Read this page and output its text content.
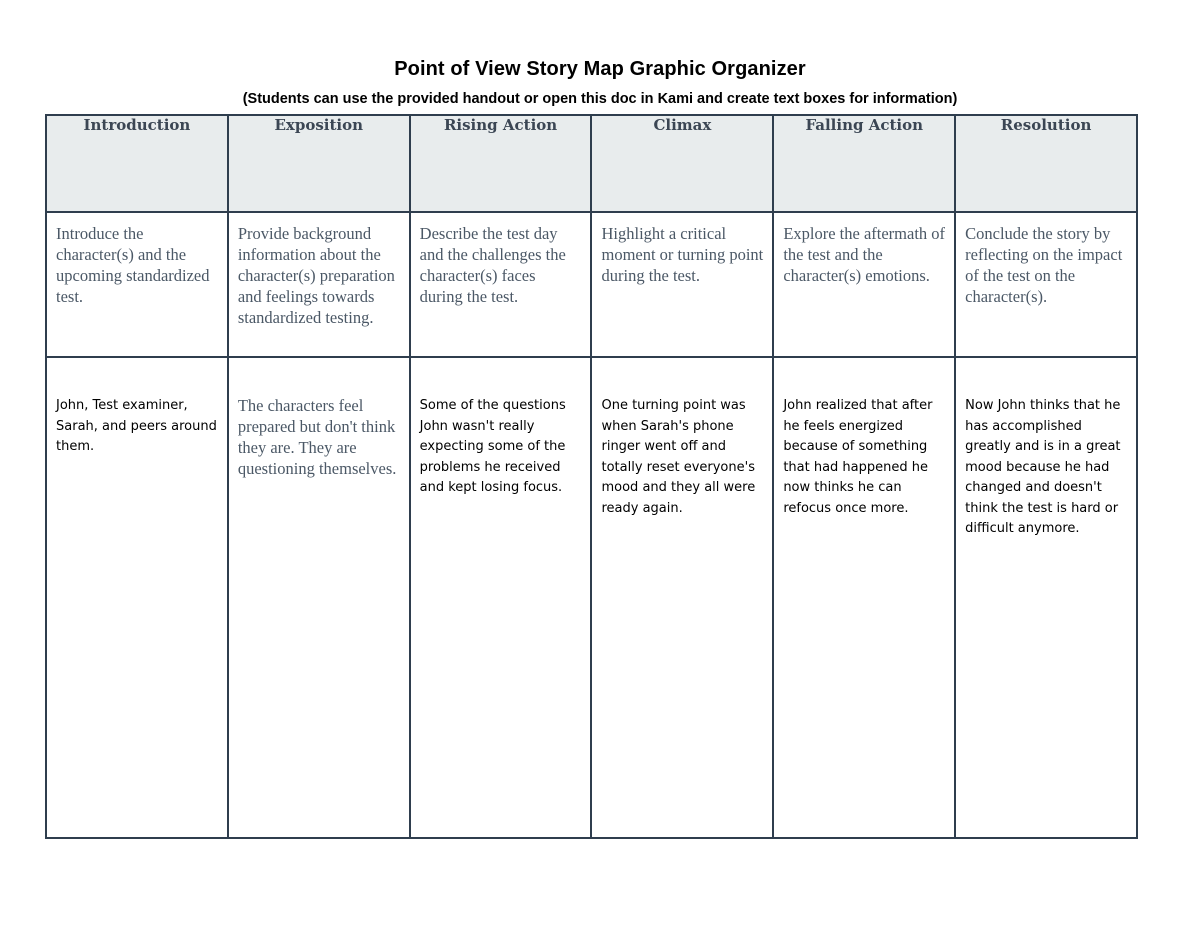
Point of View Story Map Graphic Organizer
(Students can use the provided handout or open this doc in Kami and create text boxes for information)
Introduction	Exposition	Rising Action	Climax	Falling Action	Resolution

Introduce the character(s) and the upcoming standardized test.	Provide background information about the character(s) preparation and feelings towards standardized testing.	Describe the test day and the challenges the character(s) faces during the test.	Highlight a critical moment or turning point during the test.	Explore the aftermath of the test and the character(s) emotions.	Conclude the story by reflecting on the impact of the test on the character(s).

John, Test examiner, Sarah, and peers around them.	The characters feel prepared but don't think they are. They are questioning themselves.	Some of the questions John wasn't really expecting some of the problems he received and kept losing focus.	One turning point was when Sarah's phone ringer went off and totally reset everyone's mood and they all were ready again.	John realized that after he feels energized because of something that had happened he now thinks he can refocus once more.	Now John thinks that he has accomplished greatly and is in a great mood because he had changed and doesn't think the test is hard or difficult anymore.
